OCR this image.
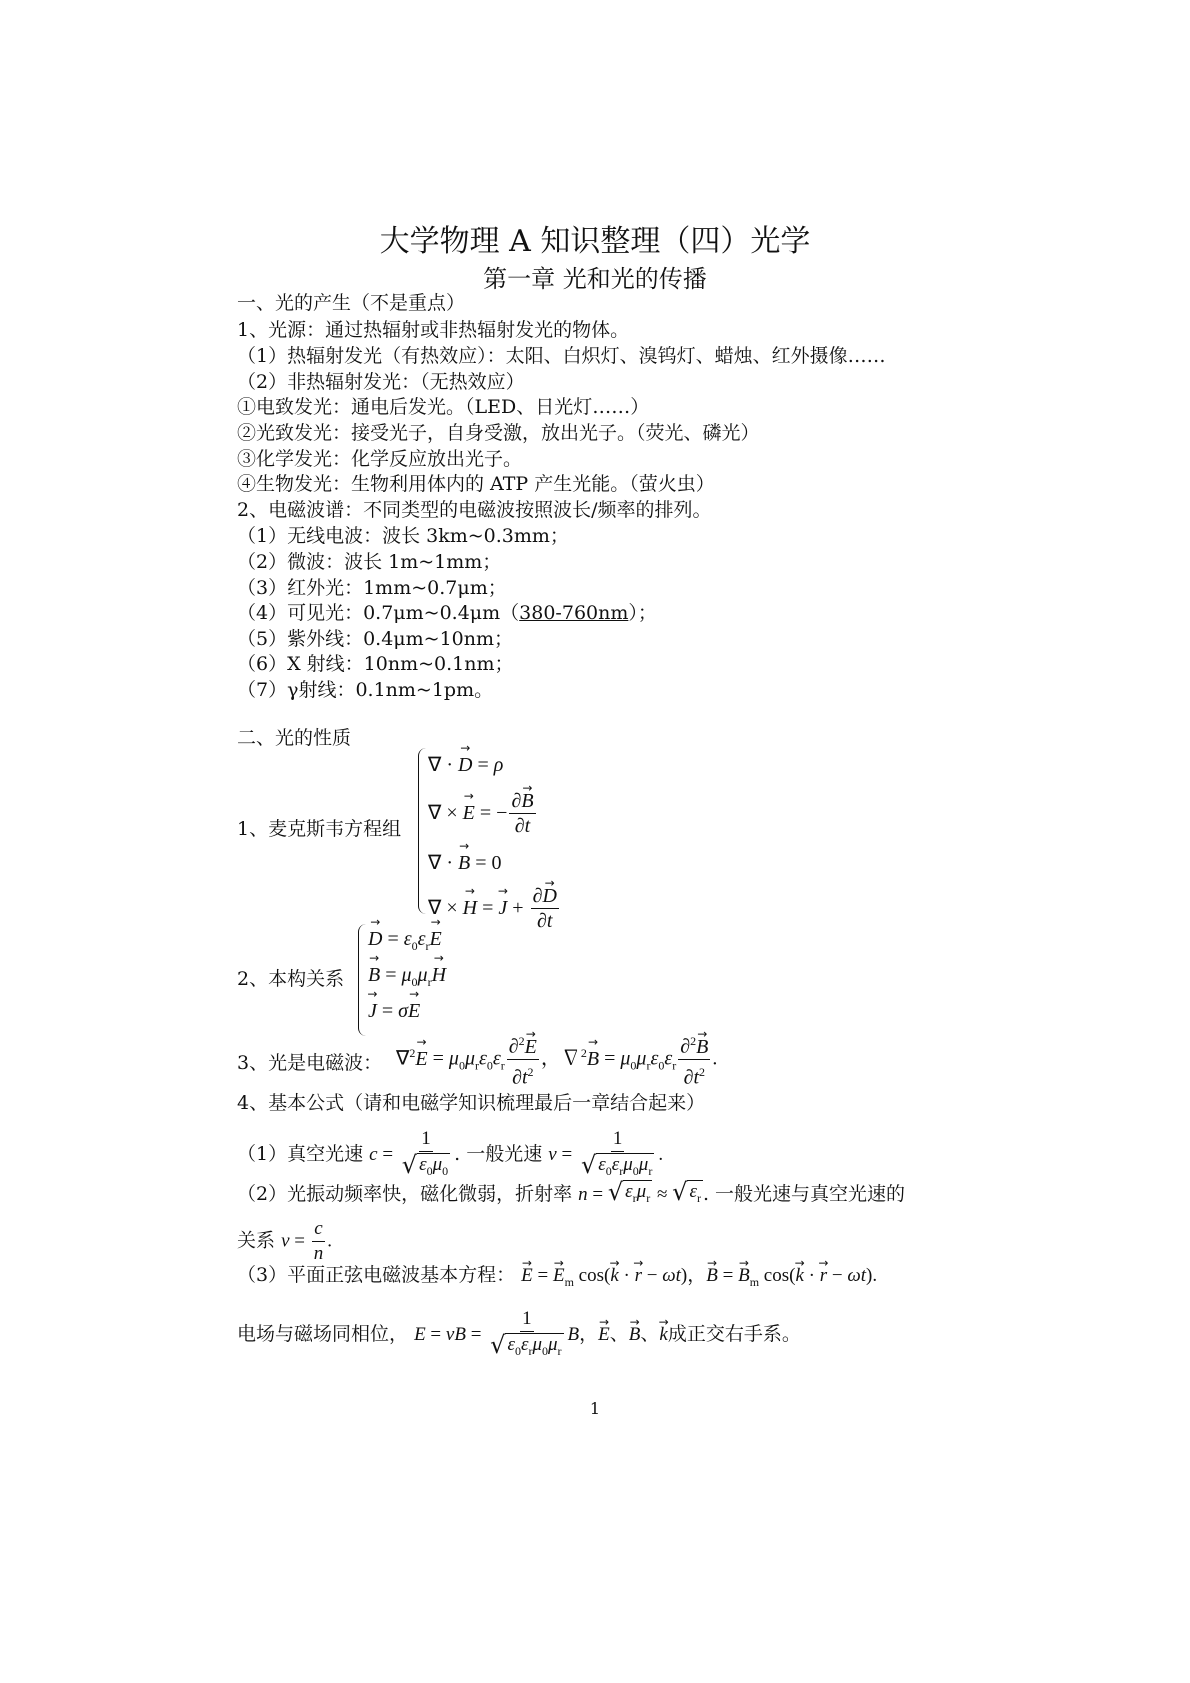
大学物理 A 知识整理（四）光学
第一章 光和光的传播
一、光的产生（不是重点）
1、光源：通过热辐射或非热辐射发光的物体。
（1）热辐射发光（有热效应）：太阳、白炽灯、溴钨灯、蜡烛、红外摄像……
（2）非热辐射发光：（无热效应）
①电致发光：通电后发光。（LED、日光灯……）
②光致发光：接受光子，自身受激，放出光子。（荧光、磷光）
③化学发光：化学反应放出光子。
④生物发光：生物利用体内的 ATP 产生光能。（萤火虫）
2、电磁波谱：不同类型的电磁波按照波长/频率的排列。
（1）无线电波：波长 3km~0.3mm；
（2）微波：波长 1m~1mm；
（3）红外光：1mm~0.7μm；
（4）可见光：0.7μm~0.4μm（380-760nm）；
（5）紫外线：0.4μm~10nm；
（6）X 射线：10nm~0.1nm；
（7）γ射线：0.1nm~1pm。
二、光的性质
1、麦克斯韦方程组
∇ · → D = ρ
∇ × → E = − $\frac{\partial\to B}{\partial t}$
∇ · → B = 0
∇ × → H = → $J + \frac{\partial\to D}{\partial t}$
2、本构关系
→ $D = \varepsilon_0\varepsilon_r\to E$
→ $B = \mu_0\mu_r\to H$
→ J = σ→ E
3、光是电磁波： $\nabla^2\to E = \mu_0\mu_r\varepsilon_0\varepsilon_r \frac{\partial^2\to E}{\partial t^2}$ ，$\nabla^2\to B = \mu_0\mu_r\varepsilon_0\varepsilon_r \frac{\partial^2\to B}{\partial t^2}$ .
4、基本公式（请和电磁学知识梳理最后一章结合起来）
（1）真空光速 $c = \frac{1}{√ \varepsilon_0\mu_0}$ . 一般光速 $v = \frac{1}{√ \varepsilon_0\varepsilon_r\mu_0\mu_r}$ .
（2）光振动频率快，磁化微弱，折射率 n = √ $\varepsilon_r\mu_r$ ≈ √ $\varepsilon_r$ . 一般光速与真空光速的
关系 $v = \frac{c}{n}$ .
（3）平面正弦电磁波基本方程： → E = → $E_m$ cos(→ k · → r − ωt)，→ B = → $B_m$ cos(→ k · → r − ωt).
电场与磁场同相位， E = vB = $\frac{1}{√ \varepsilon_0\varepsilon_r\mu_0\mu_r}$ B，→ E、→ B、→ k成正交右手系。
1
